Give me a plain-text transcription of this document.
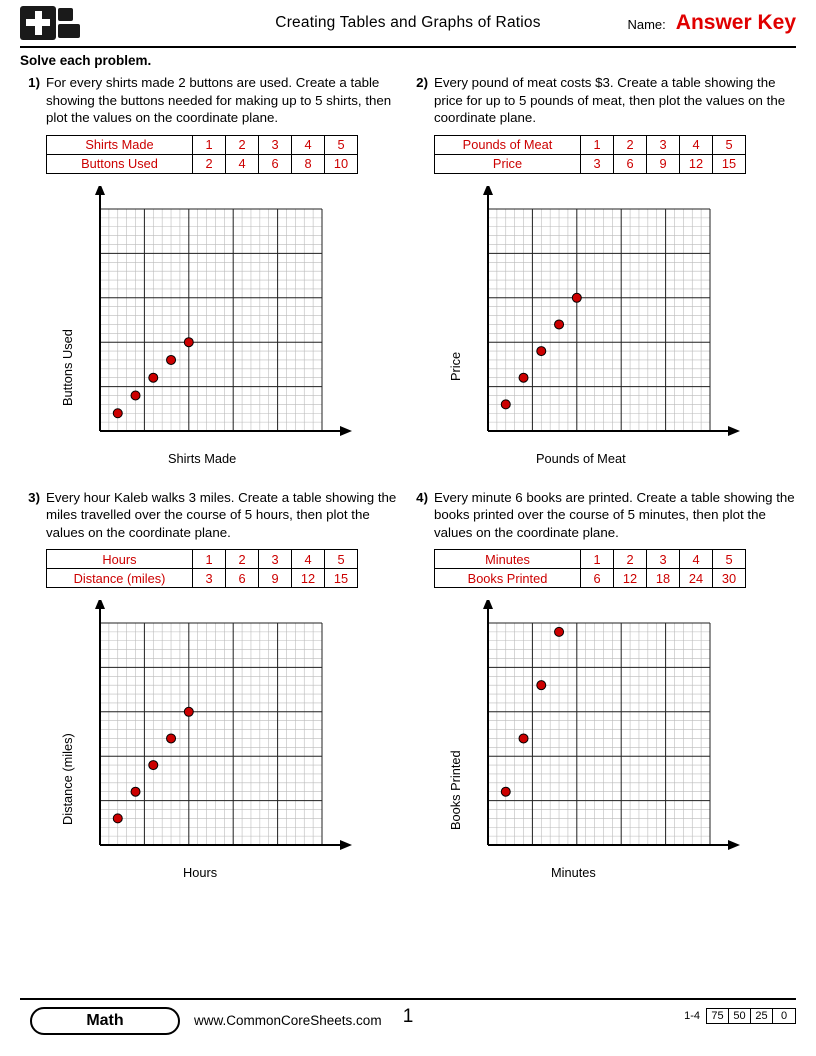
Creating Tables and Graphs of Ratios	Name: Answer Key
Solve each problem.
1) For every shirts made 2 buttons are used. Create a table showing the buttons needed for making up to 5 shirts, then plot the values on the coordinate plane.
Shirts Made	1	2	3	4	5
Buttons Used	2	4	6	8	10
Buttons Used
Shirts Made
2) Every pound of meat costs $3. Create a table showing the price for up to 5 pounds of meat, then plot the values on the coordinate plane.
Pounds of Meat	1	2	3	4	5
Price	3	6	9	12	15
Price
Pounds of Meat
3) Every hour Kaleb walks 3 miles. Create a table showing the miles travelled over the course of 5 hours, then plot the values on the coordinate plane.
Hours	1	2	3	4	5
Distance (miles)	3	6	9	12	15
Distance (miles)
Hours
4) Every minute 6 books are printed. Create a table showing the books printed over the course of 5 minutes, then plot the values on the coordinate plane.
Minutes	1	2	3	4	5
Books Printed	6	12	18	24	30
Books Printed
Minutes
Math	www.CommonCoreSheets.com	1	1-4	75 50 25	0
